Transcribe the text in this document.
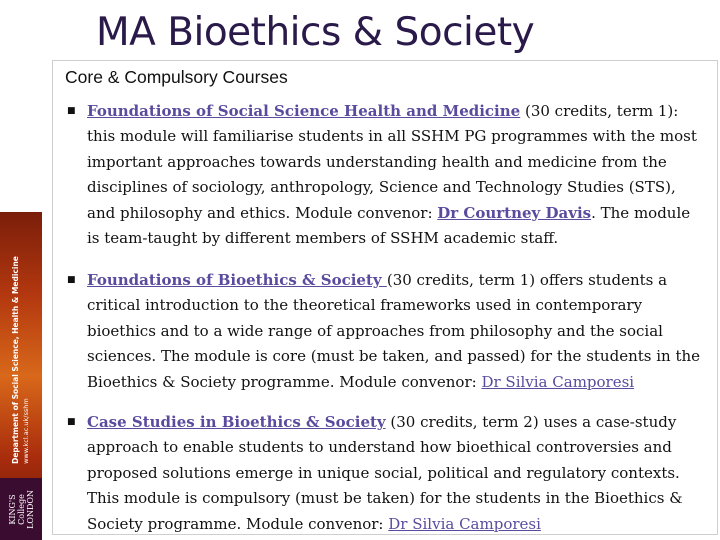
MA Bioethics & Society
Department of Social Science, Health & Medicine www.kcl.ac.uk/sshm
KING'S
College
LONDON
Core & Compulsory Courses
■ Foundations of Social Science Health and Medicine (30 credits, term 1): this module will familiarise students in all SSHM PG programmes with the most important approaches towards understanding health and medicine from the disciplines of sociology, anthropology, Science and Technology Studies (STS), and philosophy and ethics. Module convenor: Dr Courtney Davis. The module is team-taught by different members of SSHM academic staff.
■ Foundations of Bioethics & Society (30 credits, term 1) offers students a critical introduction to the theoretical frameworks used in contemporary bioethics and to a wide range of approaches from philosophy and the social sciences. The module is core (must be taken, and passed) for the students in the Bioethics & Society programme. Module convenor: Dr Silvia Camporesi
■ Case Studies in Bioethics & Society (30 credits, term 2) uses a case-study approach to enable students to understand how bioethical controversies and proposed solutions emerge in unique social, political and regulatory contexts. This module is compulsory (must be taken) for the students in the Bioethics & Society programme. Module convenor: Dr Silvia Camporesi
